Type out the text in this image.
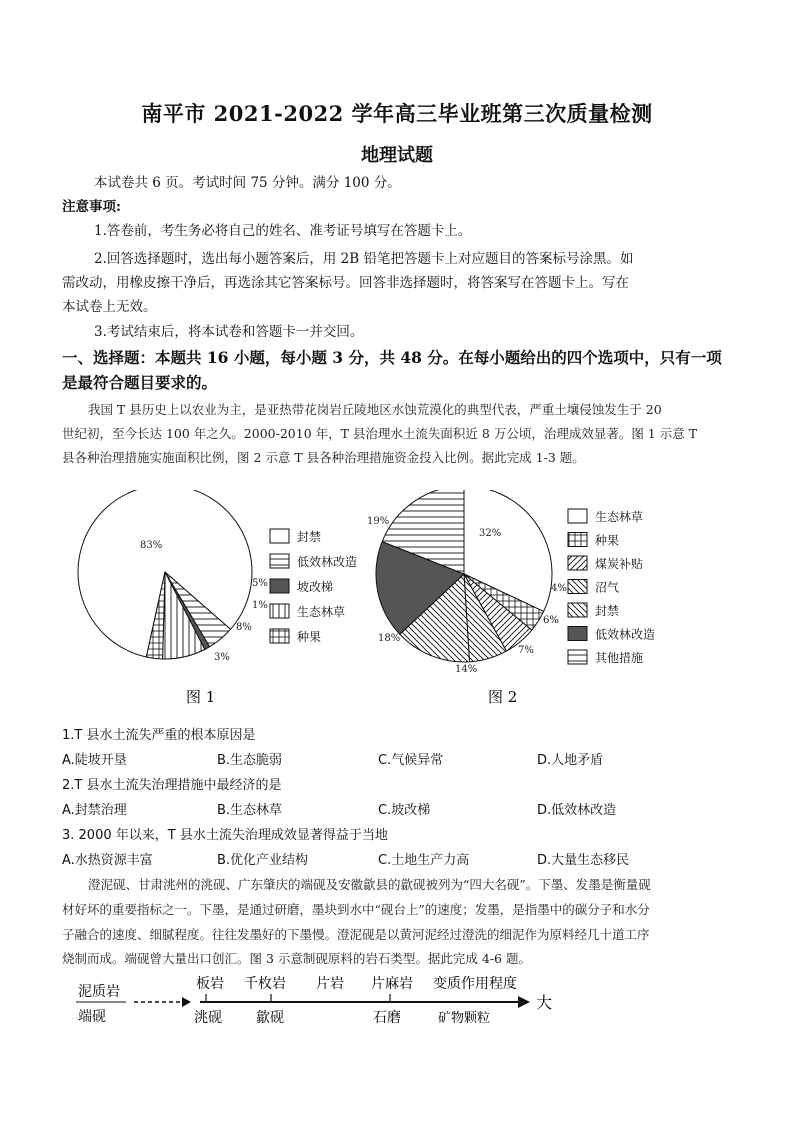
南平市 2021-2022 学年高三毕业班第三次质量检测
地理试题
本试卷共 6 页。考试时间 75 分钟。满分 100 分。
注意事项:
1.答卷前，考生务必将自己的姓名、准考证号填写在答题卡上。
2.回答选择题时，选出每小题答案后，用 2B 铅笔把答题卡上对应题目的答案标号涂黑。如
需改动，用橡皮擦干净后，再选涂其它答案标号。回答非选择题时，将答案写在答题卡上。写在
本试卷上无效。
3.考试结束后，将本试卷和答题卡一并交回。
一、选择题：本题共 16 小题，每小题 3 分，共 48 分。在每小题给出的四个选项中，只有一项
是最符合题目要求的。
我国 T 县历史上以农业为主，是亚热带花岗岩丘陵地区水蚀荒漠化的典型代表，严重土壤侵蚀发生于 20
世纪初，至今长达 100 年之久。2000-2010 年，T 县治理水土流失面积近 8 万公顷，治理成效显著。图 1 示意 T
县各种治理措施实施面积比例，图 2 示意 T 县各种治理措施资金投入比例。据此完成 1-3 题。
83%
5%
1%
8%
3%
封禁
低效林改造
坡改梯
生态林草
种果
图 1
32%
4%
6%
7%
14%
18%
19%	生态林草
种果
煤炭补贴
沼气
封禁
低效林改造
其他措施
图 2
1.T 县水土流失严重的根本原因是
A.陡坡开垦	B.生态脆弱	C.气候异常	D.人地矛盾
2.T 县水土流失治理措施中最经济的是
A.封禁治理	B.生态林草	C.坡改梯	D.低效林改造
3. 2000 年以来，T 县水土流失治理成效显著得益于当地
A.水热资源丰富	B.优化产业结构	C.土地生产力高	D.大量生态移民
澄泥砚、甘肃洮州的洮砚、广东肇庆的端砚及安徽歙县的歙砚被列为“四大名砚”。下墨、发墨是衡量砚
材好坏的重要指标之一。下墨，是通过研磨，墨块到水中“砚台上”的速度；发墨，是指墨中的碳分子和水分
子融合的速度、细腻程度。往往发墨好的下墨慢。澄泥砚是以黄河泥经过澄洗的细泥作为原料经几十道工序
烧制而成。端砚曾大量出口创汇。图 3 示意制砚原料的岩石类型。据此完成 4-6 题。
泥质岩
端砚
板岩 千枚岩 片岩 片麻岩 变质作用程度
大
洮砚 歙砚	石磨	矿物颗粒
